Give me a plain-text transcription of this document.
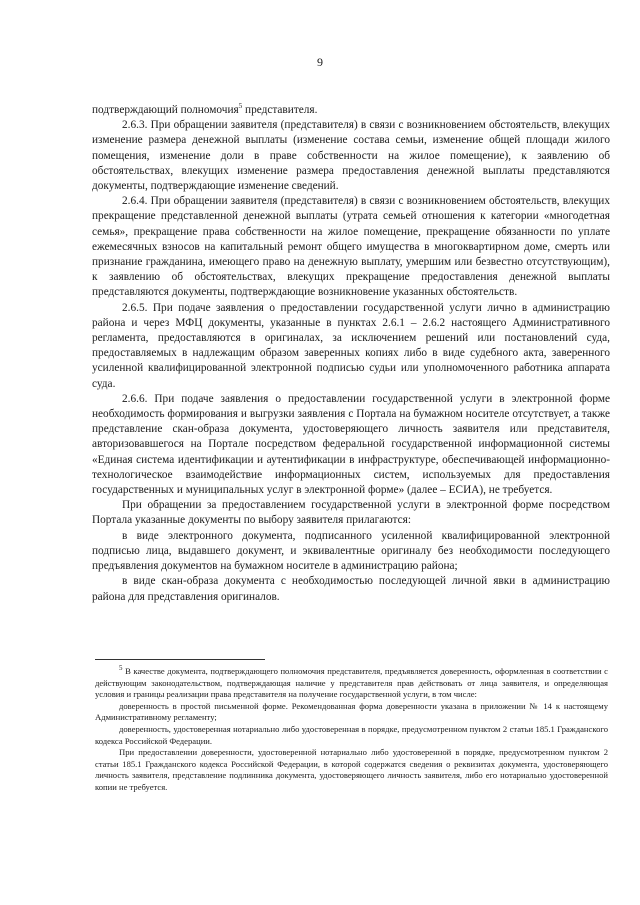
9

подтверждающий полномочия$^5$ представителя.

2.6.3. При обращении заявителя (представителя) в связи с возникновением обстоятельств, влекущих изменение размера денежной выплаты (изменение состава семьи, изменение общей площади жилого помещения, изменение доли в праве собственности на жилое помещение), к заявлению об обстоятельствах, влекущих изменение размера предоставления денежной выплаты представляются документы, подтверждающие изменение сведений.

2.6.4. При обращении заявителя (представителя) в связи с возникновением обстоятельств, влекущих прекращение представленной денежной выплаты (утрата семьей отношения к категории «многодетная семья», прекращение права собственности на жилое помещение, прекращение обязанности по уплате ежемесячных взносов на капитальный ремонт общего имущества в многоквартирном доме, смерть или признание гражданина, имеющего право на денежную выплату, умершим или безвестно отсутствующим), к заявлению об обстоятельствах, влекущих прекращение предоставления денежной выплаты представляются документы, подтверждающие возникновение указанных обстоятельств.

2.6.5. При подаче заявления о предоставлении государственной услуги лично в администрацию района и через МФЦ документы, указанные в пунктах 2.6.1 – 2.6.2 настоящего Административного регламента, предоставляются в оригиналах, за исключением решений или постановлений суда, предоставляемых в надлежащим образом заверенных копиях либо в виде судебного акта, заверенного усиленной квалифицированной электронной подписью судьи или уполномоченного работника аппарата суда.

2.6.6. При подаче заявления о предоставлении государственной услуги в электронной форме необходимость формирования и выгрузки заявления с Портала на бумажном носителе отсутствует, а также представление скан-образа документа, удостоверяющего личность заявителя или представителя, авторизовавшегося на Портале посредством федеральной государственной информационной системы «Единая система идентификации и аутентификации в инфраструктуре, обеспечивающей информационно-технологическое взаимодействие информационных систем, используемых для предоставления государственных и муниципальных услуг в электронной форме» (далее – ЕСИА), не требуется.

При обращении за предоставлением государственной услуги в электронной форме посредством Портала указанные документы по выбору заявителя прилагаются:

в виде электронного документа, подписанного усиленной квалифицированной электронной подписью лица, выдавшего документ, и эквивалентные оригиналу без необходимости последующего предъявления документов на бумажном носителе в администрацию района;

в виде скан-образа документа с необходимостью последующей личной явки в администрацию района для представления оригиналов.

$^5$ В качестве документа, подтверждающего полномочия представителя, предъявляется доверенность, оформленная в соответствии с действующим законодательством, подтверждающая наличие у представителя прав действовать от лица заявителя, и определяющая условия и границы реализации права представителя на получение государственной услуги, в том числе:

доверенность в простой письменной форме. Рекомендованная форма доверенности указана в приложении № 14 к настоящему Административному регламенту;

доверенность, удостоверенная нотариально либо удостоверенная в порядке, предусмотренном пунктом 2 статьи 185.1 Гражданского кодекса Российской Федерации.

При предоставлении доверенности, удостоверенной нотариально либо удостоверенной в порядке, предусмотренном пунктом 2 статьи 185.1 Гражданского кодекса Российской Федерации, в которой содержатся сведения о реквизитах документа, удостоверяющего личность заявителя, представление подлинника документа, удостоверяющего личность заявителя, либо его нотариально удостоверенной копии не требуется.
